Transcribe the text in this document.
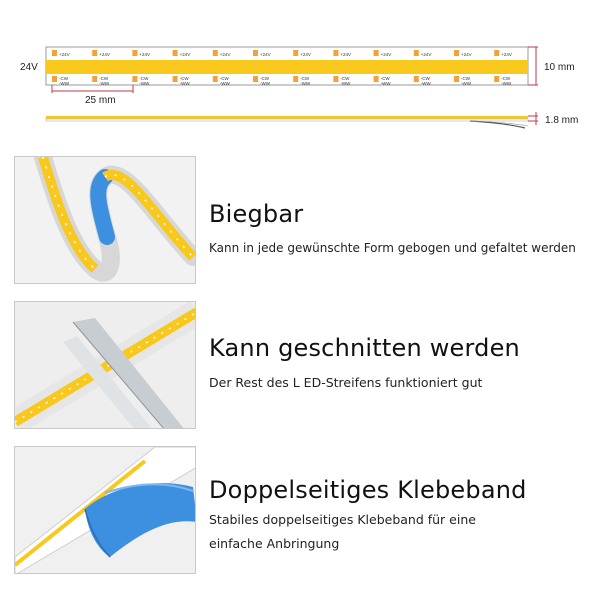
+24V
-CW
-WW
+24V
-CW
-WW
+24V
-CW
-WW
+24V
-CW
-WW
+24V
-CW
-WW
+24V
-CW
-WW
+24V
-CW
-WW
+24V
-CW
-WW
+24V
-CW
-WW
+24V
-CW
-WW
+24V
-CW
-WW
+24V
-CW
-WW
24V	10 mm
25 mm
1.8 mm
Biegbar
Kann in jede gewünschte Form gebogen und gefaltet werden
Kann geschnitten werden
Der Rest des L ED-Streifens funktioniert gut
Doppelseitiges Klebeband
Stabiles doppelseitiges Klebeband für eine
einfache Anbringung
